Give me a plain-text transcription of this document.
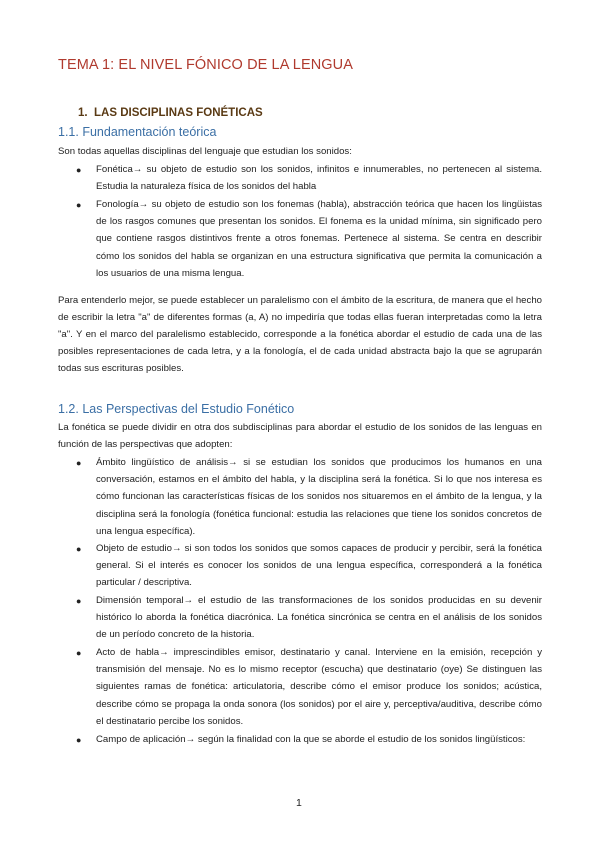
TEMA 1: EL NIVEL FÓNICO DE LA LENGUA
1. LAS DISCIPLINAS FONÉTICAS
1.1. Fundamentación teórica

Son todas aquellas disciplinas del lenguaje que estudian los sonidos:

● Fonética→ su objeto de estudio son los sonidos, infinitos e innumerables, no pertenecen al sistema. Estudia la naturaleza física de los sonidos del habla

● Fonología→ su objeto de estudio son los fonemas (habla), abstracción teórica que hacen los lingüistas de los rasgos comunes que presentan los sonidos. El fonema es la unidad mínima, sin significado pero que contiene rasgos distintivos frente a otros fonemas. Pertenece al sistema. Se centra en describir cómo los sonidos del habla se organizan en una estructura significativa que permita la comunicación a los usuarios de una misma lengua.

Para entenderlo mejor, se puede establecer un paralelismo con el ámbito de la escritura, de manera que el hecho de escribir la letra "a" de diferentes formas (a, A) no impediría que todas ellas fueran interpretadas como la letra "a". Y en el marco del paralelismo establecido, corresponde a la fonética abordar el estudio de cada una de las posibles representaciones de cada letra, y a la fonología, el de cada unidad abstracta bajo la que se agruparán todas sus escrituras posibles.

1.2. Las Perspectivas del Estudio Fonético

La fonética se puede dividir en otra dos subdisciplinas para abordar el estudio de los sonidos de las lenguas en función de las perspectivas que adopten:

● Ámbito lingüístico de análisis→ si se estudian los sonidos que producimos los humanos en una conversación, estamos en el ámbito del habla, y la disciplina será la fonética. Si lo que nos interesa es cómo funcionan las características físicas de los sonidos nos situaremos en el ámbito de la lengua, y la disciplina será la fonología (fonética funcional: estudia las relaciones que tiene los sonidos concretos de una lengua específica).

● Objeto de estudio→ si son todos los sonidos que somos capaces de producir y percibir, será la fonética general. Si el interés es conocer los sonidos de una lengua específica, corresponderá a la fonética particular / descriptiva.

● Dimensión temporal→ el estudio de las transformaciones de los sonidos producidas en su devenir histórico lo aborda la fonética diacrónica. La fonética sincrónica se centra en el análisis de los sonidos de un período concreto de la historia.

● Acto de habla→ imprescindibles emisor, destinatario y canal. Interviene en la emisión, recepción y transmisión del mensaje. No es lo mismo receptor (escucha) que destinatario (oye) Se distinguen las siguientes ramas de fonética: articulatoria, describe cómo el emisor produce los sonidos; acústica, describe cómo se propaga la onda sonora (los sonidos) por el aire y, perceptiva/auditiva, describe cómo el destinatario percibe los sonidos.

● Campo de aplicación→ según la finalidad con la que se aborde el estudio de los sonidos lingüísticos:

1
